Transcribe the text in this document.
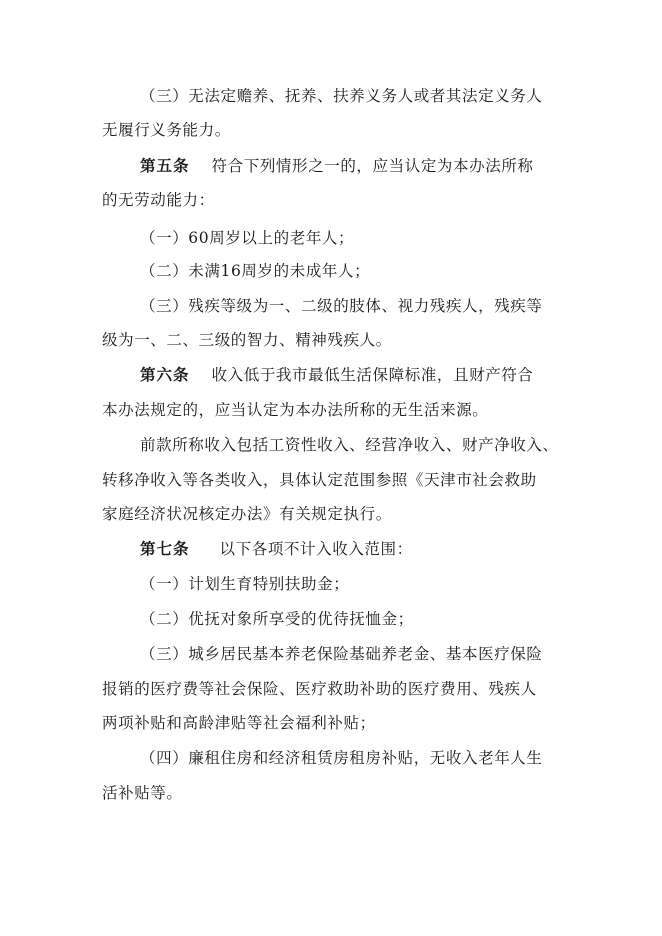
（三）无法定赡养、抚养、扶养义务人或者其法定义务人
无履行义务能力。
第五条 符合下列情形之一的，应当认定为本办法所称
的无劳动能力：
（一）60周岁以上的老年人；
（二）未满16周岁的未成年人；
（三）残疾等级为一、二级的肢体、视力残疾人，残疾等
级为一、二、三级的智力、精神残疾人。
第六条 收入低于我市最低生活保障标准，且财产符合
本办法规定的，应当认定为本办法所称的无生活来源。
前款所称收入包括工资性收入、经营净收入、财产净收入、
转移净收入等各类收入，具体认定范围参照《天津市社会救助
家庭经济状况核定办法》有关规定执行。
第七条 以下各项不计入收入范围：
（一）计划生育特别扶助金；
（二）优抚对象所享受的优待抚恤金；
（三）城乡居民基本养老保险基础养老金、基本医疗保险
报销的医疗费等社会保险、医疗救助补助的医疗费用、残疾人
两项补贴和高龄津贴等社会福利补贴；
（四）廉租住房和经济租赁房租房补贴，无收入老年人生
活补贴等。
